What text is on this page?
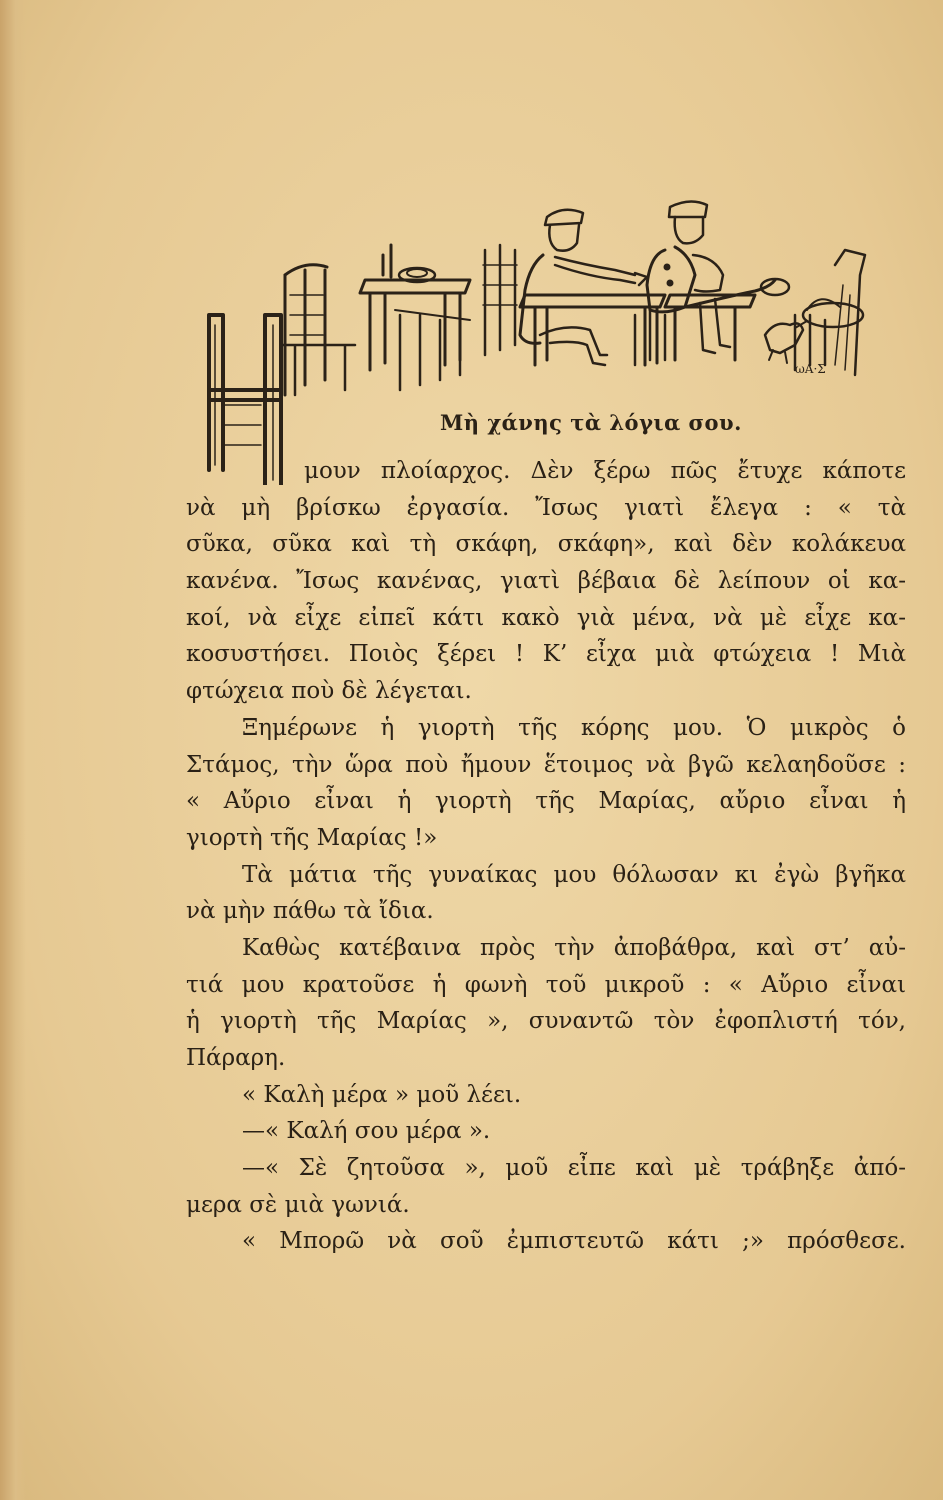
ωA·Σ
Μὴ χάνης τὰ λόγια σου.
μουν πλοίαρχος. Δὲν ξέρω πῶς ἔτυχε κάποτε
νὰ μὴ βρίσκω ἐργασία. Ἴσως γιατὶ ἔλεγα : « τὰ
σῦκα, σῦκα καὶ τὴ σκάφη, σκάφη», καὶ δὲν κολάκευα
κανένα. Ἴσως κανένας, γιατὶ βέβαια δὲ λείπουν οἱ κα-
κοί, νὰ εἶχε εἰπεῖ κάτι κακὸ γιὰ μένα, νὰ μὲ εἶχε κα-
κοσυστήσει. Ποιὸς ξέρει ! Κ’ εἶχα μιὰ φτώχεια ! Μιὰ
φτώχεια ποὺ δὲ λέγεται.
Ξημέρωνε ἡ γιορτὴ τῆς κόρης μου. Ὁ μικρὸς ὁ
Στάμος, τὴν ὥρα ποὺ ἤμουν ἕτοιμος νὰ βγῶ κελαηδοῦσε :
« Αὔριο εἶναι ἡ γιορτὴ τῆς Μαρίας, αὔριο εἶναι ἡ
γιορτὴ τῆς Μαρίας !»
Τὰ μάτια τῆς γυναίκας μου θόλωσαν κι ἐγὼ βγῆκα
νὰ μὴν πάθω τὰ ἴδια.
Καθὼς κατέβαινα πρὸς τὴν ἀποβάθρα, καὶ στ’ αὐ-
τιά μου κρατοῦσε ἡ φωνὴ τοῦ μικροῦ : « Αὔριο εἶναι
ἡ γιορτὴ τῆς Μαρίας », συναντῶ τὸν ἐφοπλιστή τόν,
Πάραρη.
« Καλὴ μέρα » μοῦ λέει.
—« Καλή σου μέρα ».
—« Σὲ ζητοῦσα », μοῦ εἶπε καὶ μὲ τράβηξε ἀπό-
μερα σὲ μιὰ γωνιά.
« Μπορῶ νὰ σοῦ ἐμπιστευτῶ κάτι ;» πρόσθεσε.
